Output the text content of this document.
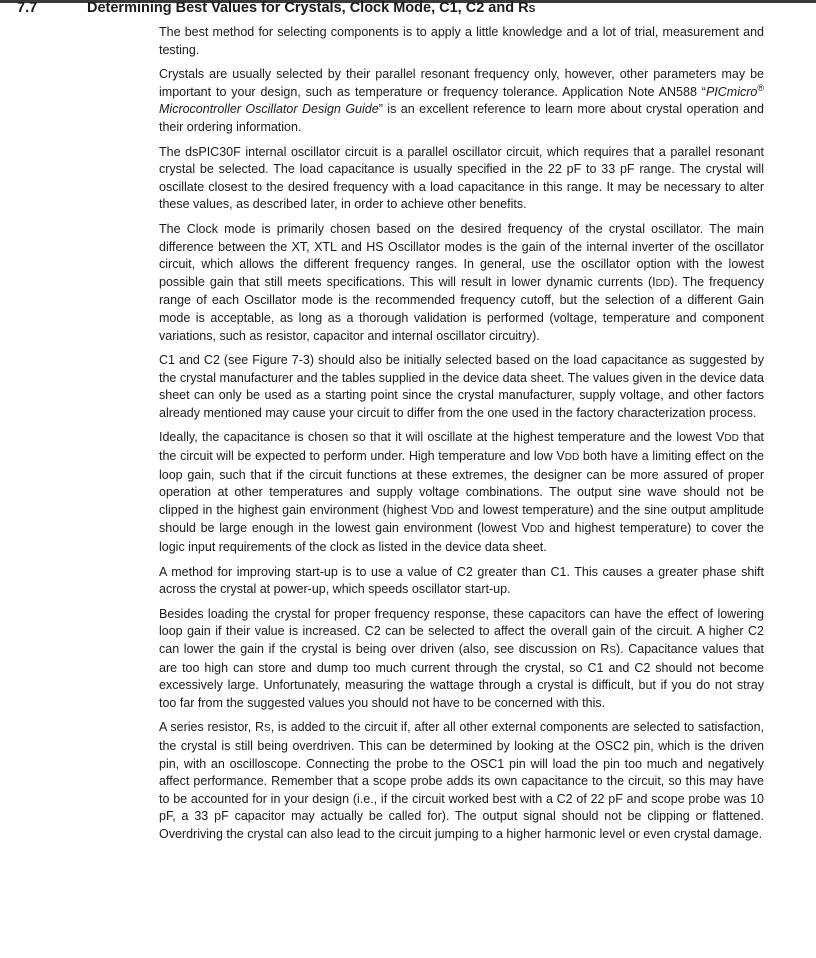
7.7	Determining Best Values for Crystals, Clock Mode, C1, C2 and RS

The best method for selecting components is to apply a little knowledge and a lot of trial, measurement and testing.

Crystals are usually selected by their parallel resonant frequency only, however, other parameters may be important to your design, such as temperature or frequency tolerance. Application Note AN588 “PICmicro® Microcontroller Oscillator Design Guide” is an excellent reference to learn more about crystal operation and their ordering information.

The dsPIC30F internal oscillator circuit is a parallel oscillator circuit, which requires that a parallel resonant crystal be selected. The load capacitance is usually specified in the 22 pF to 33 pF range. The crystal will oscillate closest to the desired frequency with a load capacitance in this range. It may be necessary to alter these values, as described later, in order to achieve other benefits.

The Clock mode is primarily chosen based on the desired frequency of the crystal oscillator. The main difference between the XT, XTL and HS Oscillator modes is the gain of the internal inverter of the oscillator circuit, which allows the different frequency ranges. In general, use the oscillator option with the lowest possible gain that still meets specifications. This will result in lower dynamic currents (IDD). The frequency range of each Oscillator mode is the recommended frequency cutoff, but the selection of a different Gain mode is acceptable, as long as a thorough validation is performed (voltage, temperature and component variations, such as resistor, capacitor and internal oscillator circuitry).

C1 and C2 (see Figure 7-3) should also be initially selected based on the load capacitance as suggested by the crystal manufacturer and the tables supplied in the device data sheet. The values given in the device data sheet can only be used as a starting point since the crystal manufacturer, supply voltage, and other factors already mentioned may cause your circuit to differ from the one used in the factory characterization process.

Ideally, the capacitance is chosen so that it will oscillate at the highest temperature and the lowest VDD that the circuit will be expected to perform under. High temperature and low VDD both have a limiting effect on the loop gain, such that if the circuit functions at these extremes, the designer can be more assured of proper operation at other temperatures and supply voltage combinations. The output sine wave should not be clipped in the highest gain environment (highest VDD and lowest temperature) and the sine output amplitude should be large enough in the lowest gain environment (lowest VDD and highest temperature) to cover the logic input requirements of the clock as listed in the device data sheet.

A method for improving start-up is to use a value of C2 greater than C1. This causes a greater phase shift across the crystal at power-up, which speeds oscillator start-up.

Besides loading the crystal for proper frequency response, these capacitors can have the effect of lowering loop gain if their value is increased. C2 can be selected to affect the overall gain of the circuit. A higher C2 can lower the gain if the crystal is being over driven (also, see discussion on RS). Capacitance values that are too high can store and dump too much current through the crystal, so C1 and C2 should not become excessively large. Unfortunately, measuring the wattage through a crystal is difficult, but if you do not stray too far from the suggested values you should not have to be concerned with this.

A series resistor, RS, is added to the circuit if, after all other external components are selected to satisfaction, the crystal is still being overdriven. This can be determined by looking at the OSC2 pin, which is the driven pin, with an oscilloscope. Connecting the probe to the OSC1 pin will load the pin too much and negatively affect performance. Remember that a scope probe adds its own capacitance to the circuit, so this may have to be accounted for in your design (i.e., if the circuit worked best with a C2 of 22 pF and scope probe was 10 pF, a 33 pF capacitor may actually be called for). The output signal should not be clipping or flattened. Overdriving the crystal can also lead to the circuit jumping to a higher harmonic level or even crystal damage.
